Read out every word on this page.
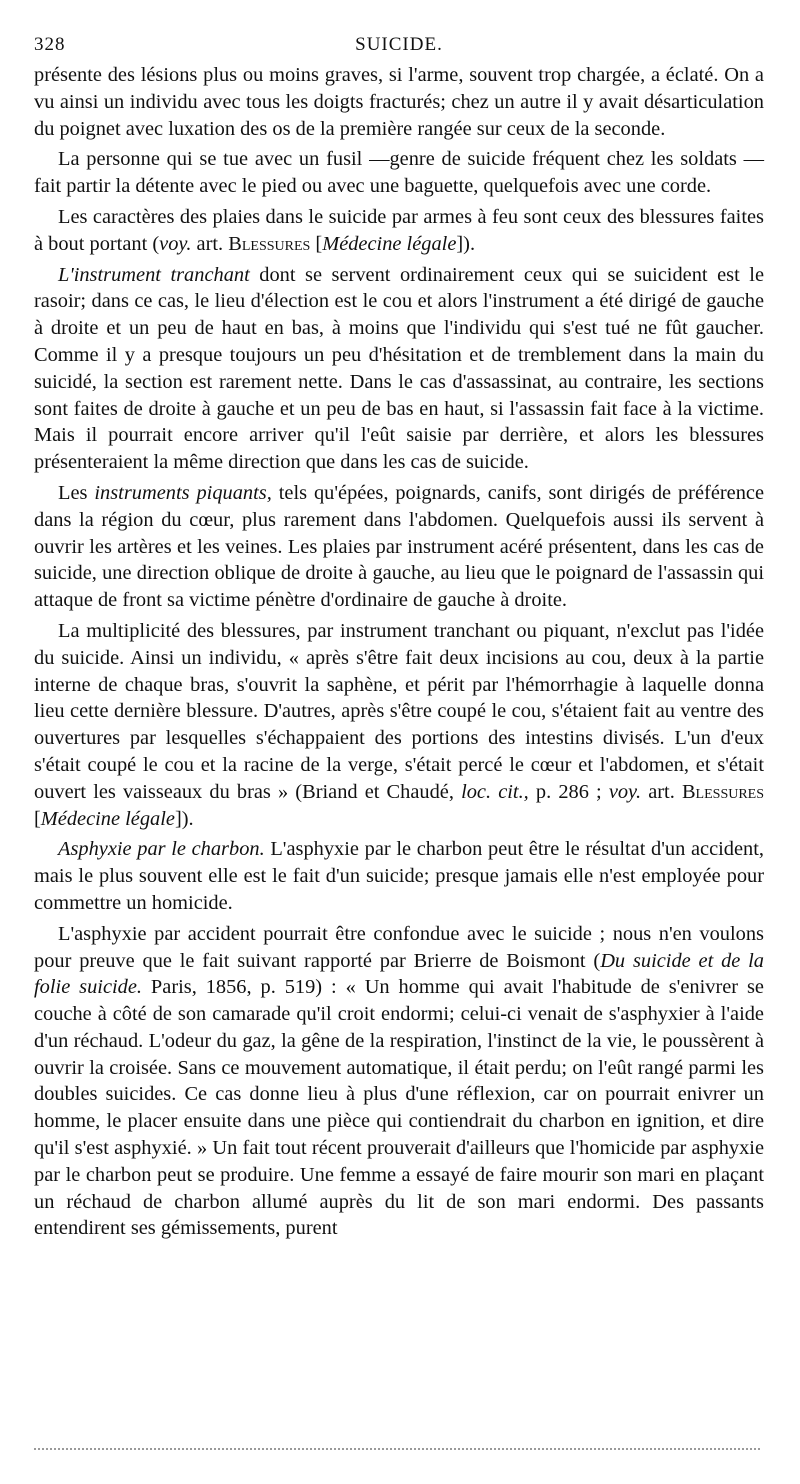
328	SUICIDE.

présente des lésions plus ou moins graves, si l'arme, souvent trop chargée, a éclaté. On a vu ainsi un individu avec tous les doigts fracturés; chez un autre il y avait désarticulation du poignet avec luxation des os de la première rangée sur ceux de la seconde.

La personne qui se tue avec un fusil —genre de suicide fréquent chez les soldats — fait partir la détente avec le pied ou avec une baguette, quelquefois avec une corde.

Les caractères des plaies dans le suicide par armes à feu sont ceux des blessures faites à bout portant (voy. art. Blessures [Médecine légale]).

L'instrument tranchant dont se servent ordinairement ceux qui se suicident est le rasoir; dans ce cas, le lieu d'élection est le cou et alors l'instrument a été dirigé de gauche à droite et un peu de haut en bas, à moins que l'individu qui s'est tué ne fût gaucher. Comme il y a presque toujours un peu d'hésitation et de tremblement dans la main du suicidé, la section est rarement nette. Dans le cas d'assassinat, au contraire, les sections sont faites de droite à gauche et un peu de bas en haut, si l'assassin fait face à la victime. Mais il pourrait encore arriver qu'il l'eût saisie par derrière, et alors les blessures présenteraient la même direction que dans les cas de suicide.

Les instruments piquants, tels qu'épées, poignards, canifs, sont dirigés de préférence dans la région du cœur, plus rarement dans l'abdomen. Quelquefois aussi ils servent à ouvrir les artères et les veines. Les plaies par instrument acéré présentent, dans les cas de suicide, une direction oblique de droite à gauche, au lieu que le poignard de l'assassin qui attaque de front sa victime pénètre d'ordinaire de gauche à droite.

La multiplicité des blessures, par instrument tranchant ou piquant, n'exclut pas l'idée du suicide. Ainsi un individu, « après s'être fait deux incisions au cou, deux à la partie interne de chaque bras, s'ouvrit la saphène, et périt par l'hémorrhagie à laquelle donna lieu cette dernière blessure. D'autres, après s'être coupé le cou, s'étaient fait au ventre des ouvertures par lesquelles s'échappaient des portions des intestins divisés. L'un d'eux s'était coupé le cou et la racine de la verge, s'était percé le cœur et l'abdomen, et s'était ouvert les vaisseaux du bras » (Briand et Chaudé, loc. cit., p. 286 ; voy. art. Blessures [Médecine légale]).

Asphyxie par le charbon. L'asphyxie par le charbon peut être le résultat d'un accident, mais le plus souvent elle est le fait d'un suicide; presque jamais elle n'est employée pour commettre un homicide.

L'asphyxie par accident pourrait être confondue avec le suicide ; nous n'en voulons pour preuve que le fait suivant rapporté par Brierre de Boismont (Du suicide et de la folie suicide. Paris, 1856, p. 519) : « Un homme qui avait l'habitude de s'enivrer se couche à côté de son camarade qu'il croit endormi; celui-ci venait de s'asphyxier à l'aide d'un réchaud. L'odeur du gaz, la gêne de la respiration, l'instinct de la vie, le poussèrent à ouvrir la croisée. Sans ce mouvement automatique, il était perdu; on l'eût rangé parmi les doubles suicides. Ce cas donne lieu à plus d'une réflexion, car on pourrait enivrer un homme, le placer ensuite dans une pièce qui contiendrait du charbon en ignition, et dire qu'il s'est asphyxié. » Un fait tout récent prouverait d'ailleurs que l'homicide par asphyxie par le charbon peut se produire. Une femme a essayé de faire mourir son mari en plaçant un réchaud de charbon allumé auprès du lit de son mari endormi. Des passants entendirent ses gémissements, purent
